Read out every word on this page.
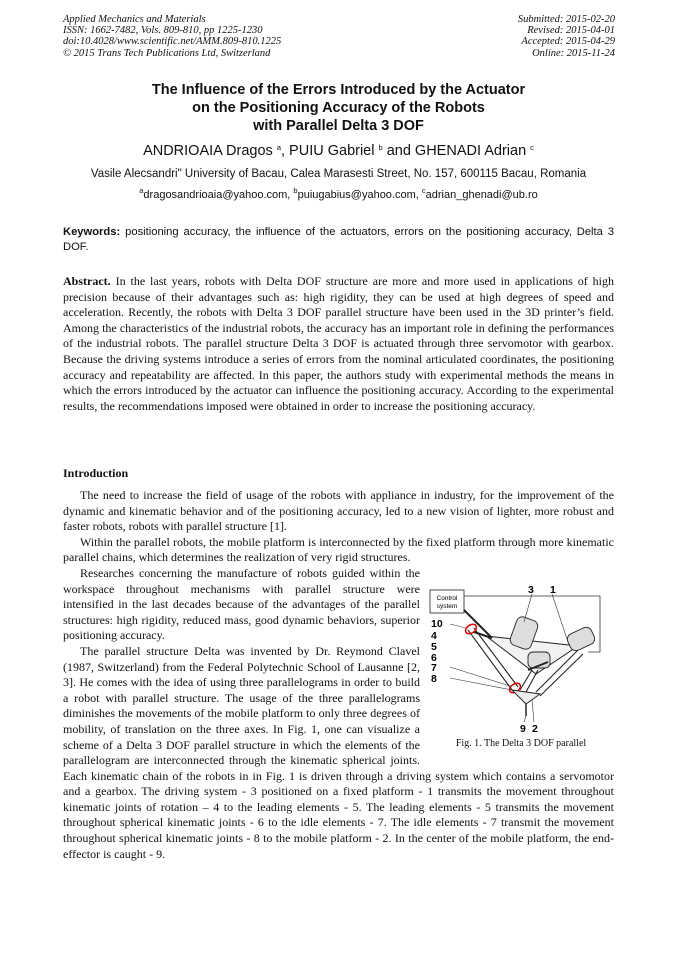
Applied Mechanics and Materials
ISSN: 1662-7482, Vols. 809-810, pp 1225-1230
doi:10.4028/www.scientific.net/AMM.809-810.1225
© 2015 Trans Tech Publications Ltd, Switzerland
Submitted: 2015-02-20
Revised: 2015-04-01
Accepted: 2015-04-29
Online: 2015-11-24
The Influence of the Errors Introduced by the Actuator
on the Positioning Accuracy of the Robots
with Parallel Delta 3 DOF
ANDRIOAIA Dragos $^a$, PUIU Gabriel $^b$ and GHENADI Adrian $^c$
Vasile Alecsandri" University of Bacau, Calea Marasesti Street, No. 157, 600115 Bacau, Romania
$^a$dragosandrioaia@yahoo.com, $^b$puiugabius@yahoo.com, $^c$adrian_ghenadi@ub.ro
Keywords: positioning accuracy, the influence of the actuators, errors on the positioning accuracy, Delta 3 DOF.
Abstract. In the last years, robots with Delta DOF structure are more and more used in applications of high precision because of their advantages such as: high rigidity, they can be used at high degrees of speed and acceleration. Recently, the robots with Delta 3 DOF parallel structure have been used in the 3D printer’s field. Among the characteristics of the industrial robots, the accuracy has an important role in defining the performances of the industrial robots. The parallel structure Delta 3 DOF is actuated through three servomotor with gearbox. Because the driving systems introduce a series of errors from the nominal articulated coordinates, the positioning accuracy and repeatability are affected. In this paper, the authors study with experimental methods the means in which the errors introduced by the actuator can influence the positioning accuracy. According to the experimental results, the recommendations imposed were obtained in order to increase the positioning accuracy.
Introduction

The need to increase the field of usage of the robots with appliance in industry, for the improvement of the dynamic and kinematic behavior and of the positioning accuracy, led to a new vision of lighter, more robust and faster robots, robots with parallel structure [1].

Within the parallel robots, the mobile platform is interconnected by the fixed platform through more kinematic parallel chains, which determines the realization of very rigid structures.

Control
system
10
4
5
6
3 1
7
8
9 2
Fig. 1. The Delta 3 DOF parallel

Researches concerning the manufacture of robots guided within the workspace throughout mechanisms with parallel structure were intensified in the last decades because of the advantages of the parallel structures: high rigidity, reduced mass, good dynamic behaviors, superior positioning accuracy.

The parallel structure Delta was invented by Dr. Reymond Clavel (1987, Switzerland) from the Federal Polytechnic School of Lausanne [2, 3]. He comes with the idea of using three parallelograms in order to build a robot with parallel structure. The usage of the three parallelograms diminishes the movements of the mobile platform to only three degrees of mobility, of translation on the three axes. In Fig. 1, one can visualize a scheme of a Delta 3 DOF parallel structure in which the elements of the parallelogram are interconnected through the kinematic spherical joints. Each kinematic chain of the robots in in Fig. 1 is driven through a driving system which contains a servomotor and a gearbox. The driving system - 3 positioned on a fixed platform - 1 transmits the movement throughout kinematic joints of rotation – 4 to the leading elements - 5. The leading elements - 5 transmits the movement throughout spherical kinematic joints - 6 to the idle elements - 7. The idle elements - 7 transmit the movement throughout spherical kinematic joints - 8 to the mobile platform - 2. In the center of the mobile platform, the end-effector is caught - 9.
